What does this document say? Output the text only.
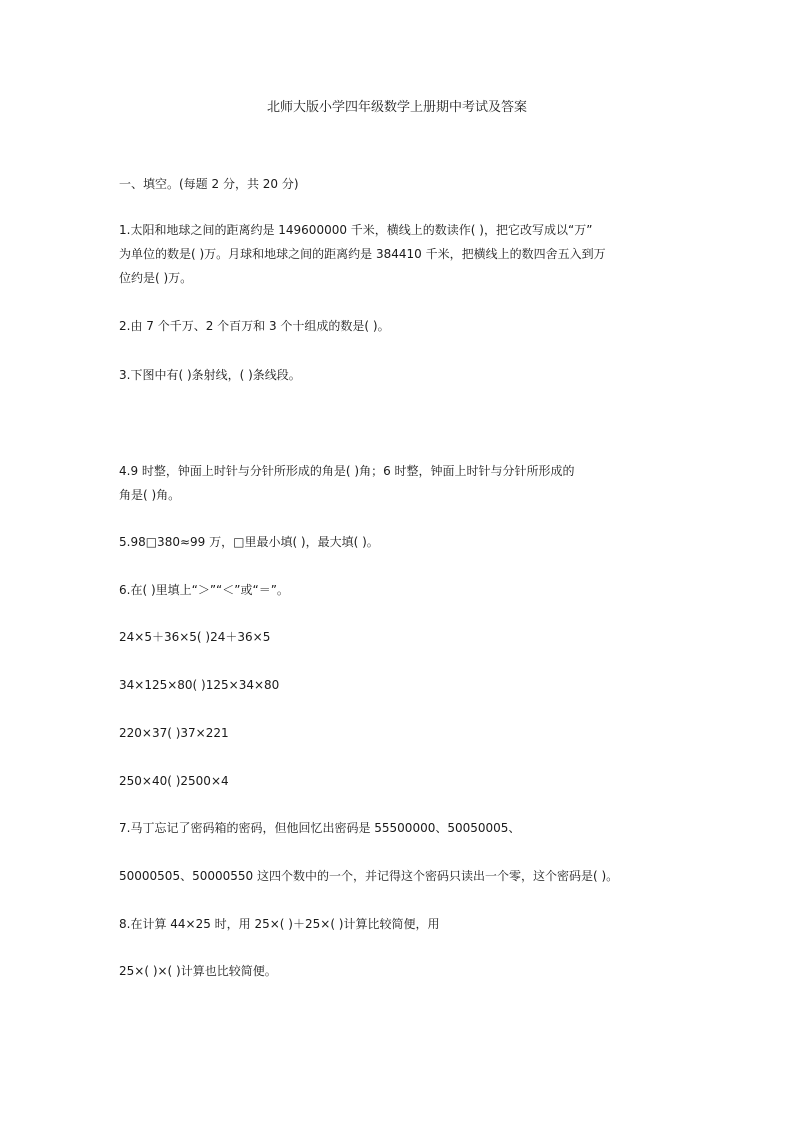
北师大版小学四年级数学上册期中考试及答案
一、填空。(每题 2 分，共 20 分)
1.太阳和地球之间的距离约是 149600000 千米，横线上的数读作( )，把它改写成以“万”
为单位的数是( )万。月球和地球之间的距离约是 384410 千米，把横线上的数四舍五入到万
位约是( )万。
2.由 7 个千万、2 个百万和 3 个十组成的数是( )。
3.下图中有( )条射线，( )条线段。
4.9 时整，钟面上时针与分针所形成的角是( )角；6 时整，钟面上时针与分针所形成的
角是( )角。
5.98□380≈99 万，□里最小填( )，最大填( )。
6.在( )里填上“＞”“＜”或“＝”。
24×5＋36×5( )24＋36×5
34×125×80( )125×34×80
220×37( )37×221
250×40( )2500×4
7.马丁忘记了密码箱的密码，但他回忆出密码是 55500000、50050005、
50000505、50000550 这四个数中的一个，并记得这个密码只读出一个零，这个密码是( )。
8.在计算 44×25 时，用 25×( )＋25×( )计算比较简便，用
25×( )×( )计算也比较简便。
